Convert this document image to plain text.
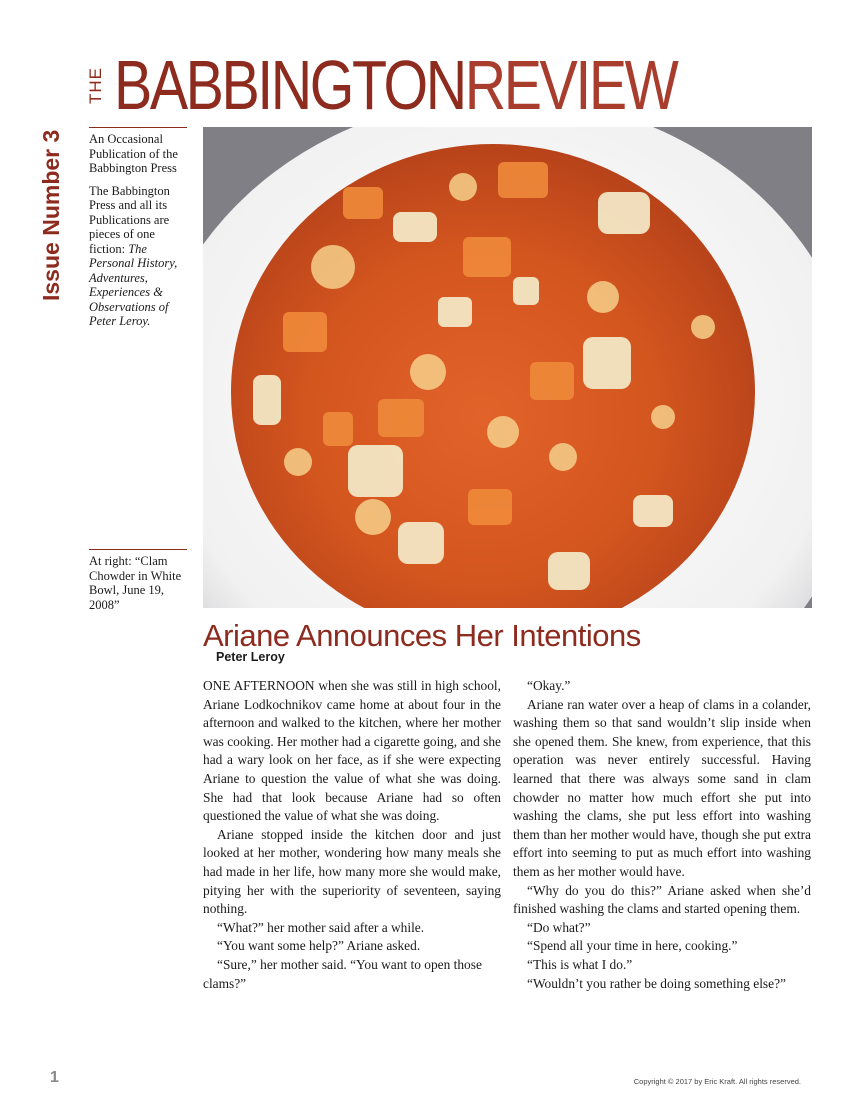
THE BABBINGTONREVIEW
Issue Number 3	An Occasional Publication of the Babbington Press

The Babbington Press and all its Publications are pieces of one fiction: The Personal History, Adventures, Experiences & Observations of Peter Leroy.

At right: “Clam Chowder in White Bowl, June 19, 2008”

Ariane Announces Her Intentions
Peter Leroy

ONE AFTERNOON when she was still in high school, Ariane Lodkochnikov came home at about four in the afternoon and walked to the kitchen, where her mother was cooking. Her mother had a cigarette going, and she had a wary look on her face, as if she were expecting Ariane to question the value of what she was doing. She had that look because Ariane had so often questioned the value of what she was doing.

Ariane stopped inside the kitchen door and just looked at her mother, wondering how many meals she had made in her life, how many more she would make, pitying her with the superiority of seventeen, saying nothing.

“What?” her mother said after a while.

“You want some help?” Ariane asked.

“Sure,” her mother said. “You want to open those clams?”

“Okay.”

Ariane ran water over a heap of clams in a colander, washing them so that sand wouldn’t slip inside when she opened them. She knew, from experience, that this operation was never entirely successful. Having learned that there was always some sand in clam chowder no matter how much effort she put into washing the clams, she put less effort into washing them than her mother would have, though she put extra effort into seeming to put as much effort into washing them as her mother would have.

“Why do you do this?” Ariane asked when she’d finished washing the clams and started opening them.

“Do what?”

“Spend all your time in here, cooking.”

“This is what I do.”

“Wouldn’t you rather be doing something else?”

1	Copyright © 2017 by Eric Kraft. All rights reserved.
